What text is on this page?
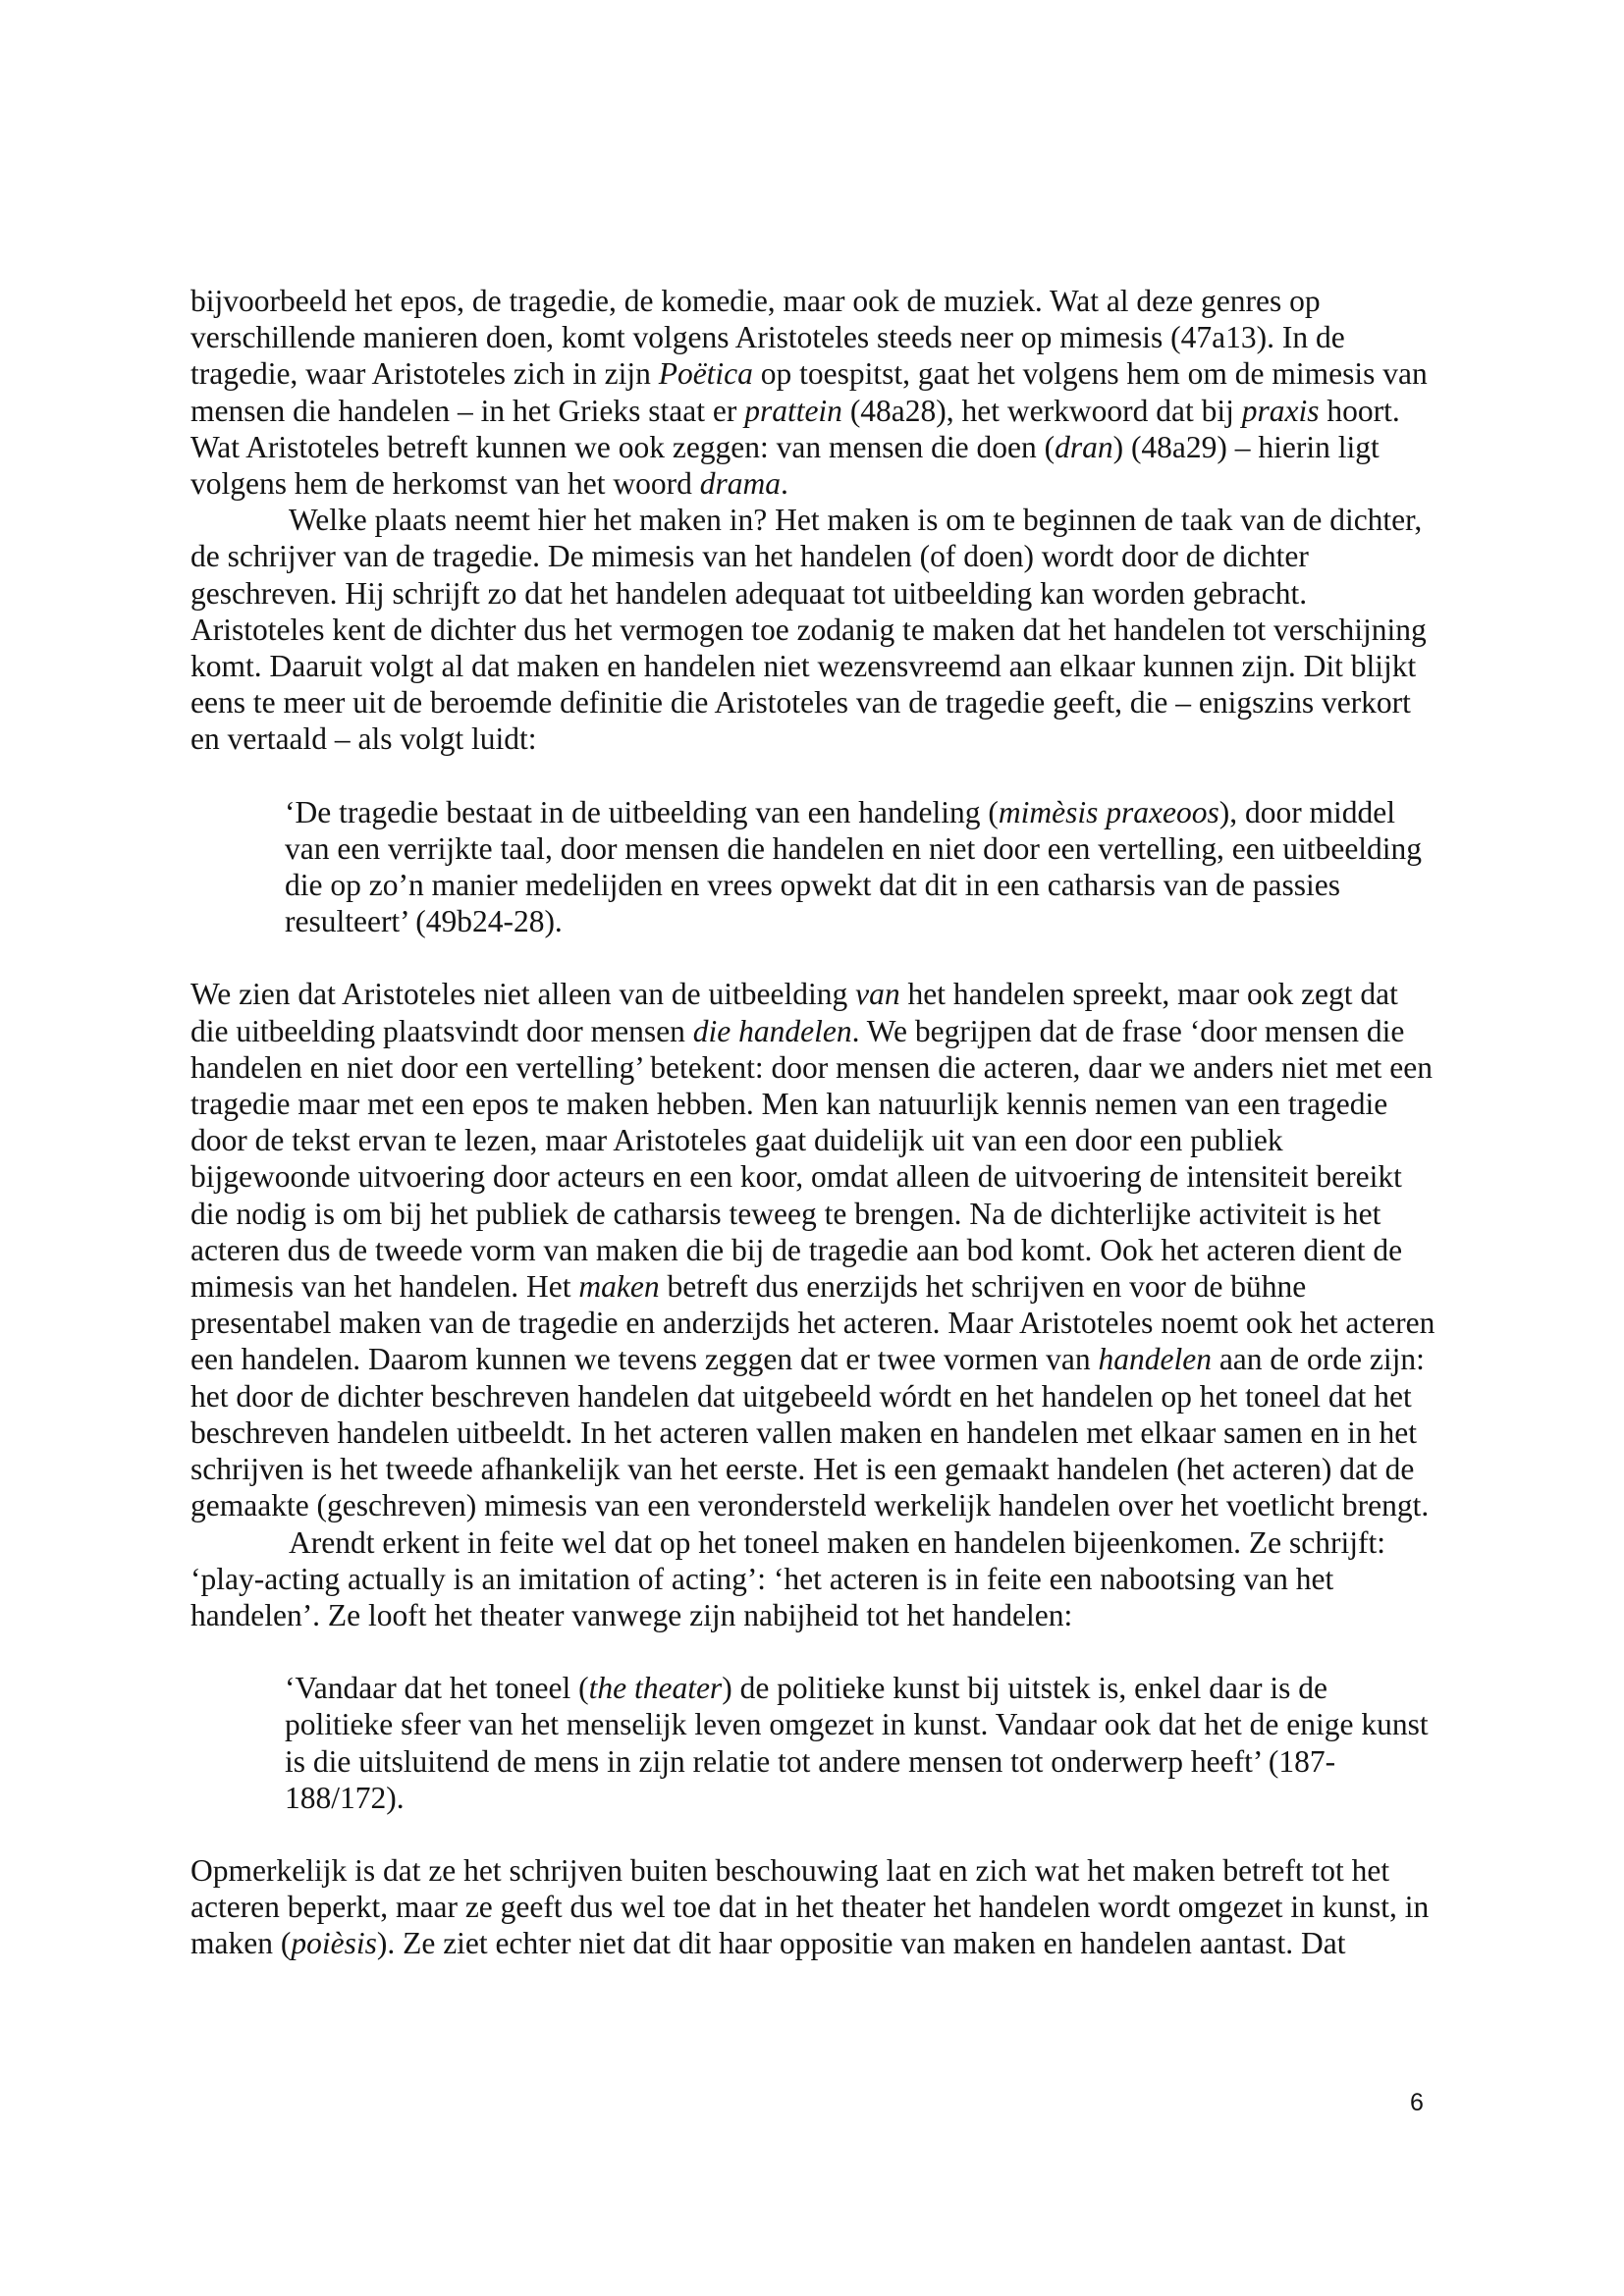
bijvoorbeeld het epos, de tragedie, de komedie, maar ook de muziek. Wat al deze genres op verschillende manieren doen, komt volgens Aristoteles steeds neer op mimesis (47a13). In de tragedie, waar Aristoteles zich in zijn Poëtica op toespitst, gaat het volgens hem om de mimesis van mensen die handelen – in het Grieks staat er prattein (48a28), het werkwoord dat bij praxis hoort. Wat Aristoteles betreft kunnen we ook zeggen: van mensen die doen (dran) (48a29) – hierin ligt volgens hem de herkomst van het woord drama.

Welke plaats neemt hier het maken in? Het maken is om te beginnen de taak van de dichter, de schrijver van de tragedie. De mimesis van het handelen (of doen) wordt door de dichter geschreven. Hij schrijft zo dat het handelen adequaat tot uitbeelding kan worden gebracht. Aristoteles kent de dichter dus het vermogen toe zodanig te maken dat het handelen tot verschijning komt. Daaruit volgt al dat maken en handelen niet wezensvreemd aan elkaar kunnen zijn. Dit blijkt eens te meer uit de beroemde definitie die Aristoteles van de tragedie geeft, die – enigszins verkort en vertaald – als volgt luidt:

‘De tragedie bestaat in de uitbeelding van een handeling (mimèsis praxeoos), door middel van een verrijkte taal, door mensen die handelen en niet door een vertelling, een uitbeelding die op zo’n manier medelijden en vrees opwekt dat dit in een catharsis van de passies resulteert’ (49b24-28).

We zien dat Aristoteles niet alleen van de uitbeelding van het handelen spreekt, maar ook zegt dat die uitbeelding plaatsvindt door mensen die handelen. We begrijpen dat de frase ‘door mensen die handelen en niet door een vertelling’ betekent: door mensen die acteren, daar we anders niet met een tragedie maar met een epos te maken hebben. Men kan natuurlijk kennis nemen van een tragedie door de tekst ervan te lezen, maar Aristoteles gaat duidelijk uit van een door een publiek bijgewoonde uitvoering door acteurs en een koor, omdat alleen de uitvoering de intensiteit bereikt die nodig is om bij het publiek de catharsis teweeg te brengen. Na de dichterlijke activiteit is het acteren dus de tweede vorm van maken die bij de tragedie aan bod komt. Ook het acteren dient de mimesis van het handelen. Het maken betreft dus enerzijds het schrijven en voor de bühne presentabel maken van de tragedie en anderzijds het acteren. Maar Aristoteles noemt ook het acteren een handelen. Daarom kunnen we tevens zeggen dat er twee vormen van handelen aan de orde zijn: het door de dichter beschreven handelen dat uitgebeeld wórdt en het handelen op het toneel dat het beschreven handelen uitbeeldt. In het acteren vallen maken en handelen met elkaar samen en in het schrijven is het tweede afhankelijk van het eerste. Het is een gemaakt handelen (het acteren) dat de gemaakte (geschreven) mimesis van een verondersteld werkelijk handelen over het voetlicht brengt.

Arendt erkent in feite wel dat op het toneel maken en handelen bijeenkomen. Ze schrijft: ‘play-acting actually is an imitation of acting’: ‘het acteren is in feite een nabootsing van het handelen’. Ze looft het theater vanwege zijn nabijheid tot het handelen:

‘Vandaar dat het toneel (the theater) de politieke kunst bij uitstek is, enkel daar is de politieke sfeer van het menselijk leven omgezet in kunst. Vandaar ook dat het de enige kunst is die uitsluitend de mens in zijn relatie tot andere mensen tot onderwerp heeft’ (187-188/172).

Opmerkelijk is dat ze het schrijven buiten beschouwing laat en zich wat het maken betreft tot het acteren beperkt, maar ze geeft dus wel toe dat in het theater het handelen wordt omgezet in kunst, in maken (poièsis). Ze ziet echter niet dat dit haar oppositie van maken en handelen aantast. Dat

6
